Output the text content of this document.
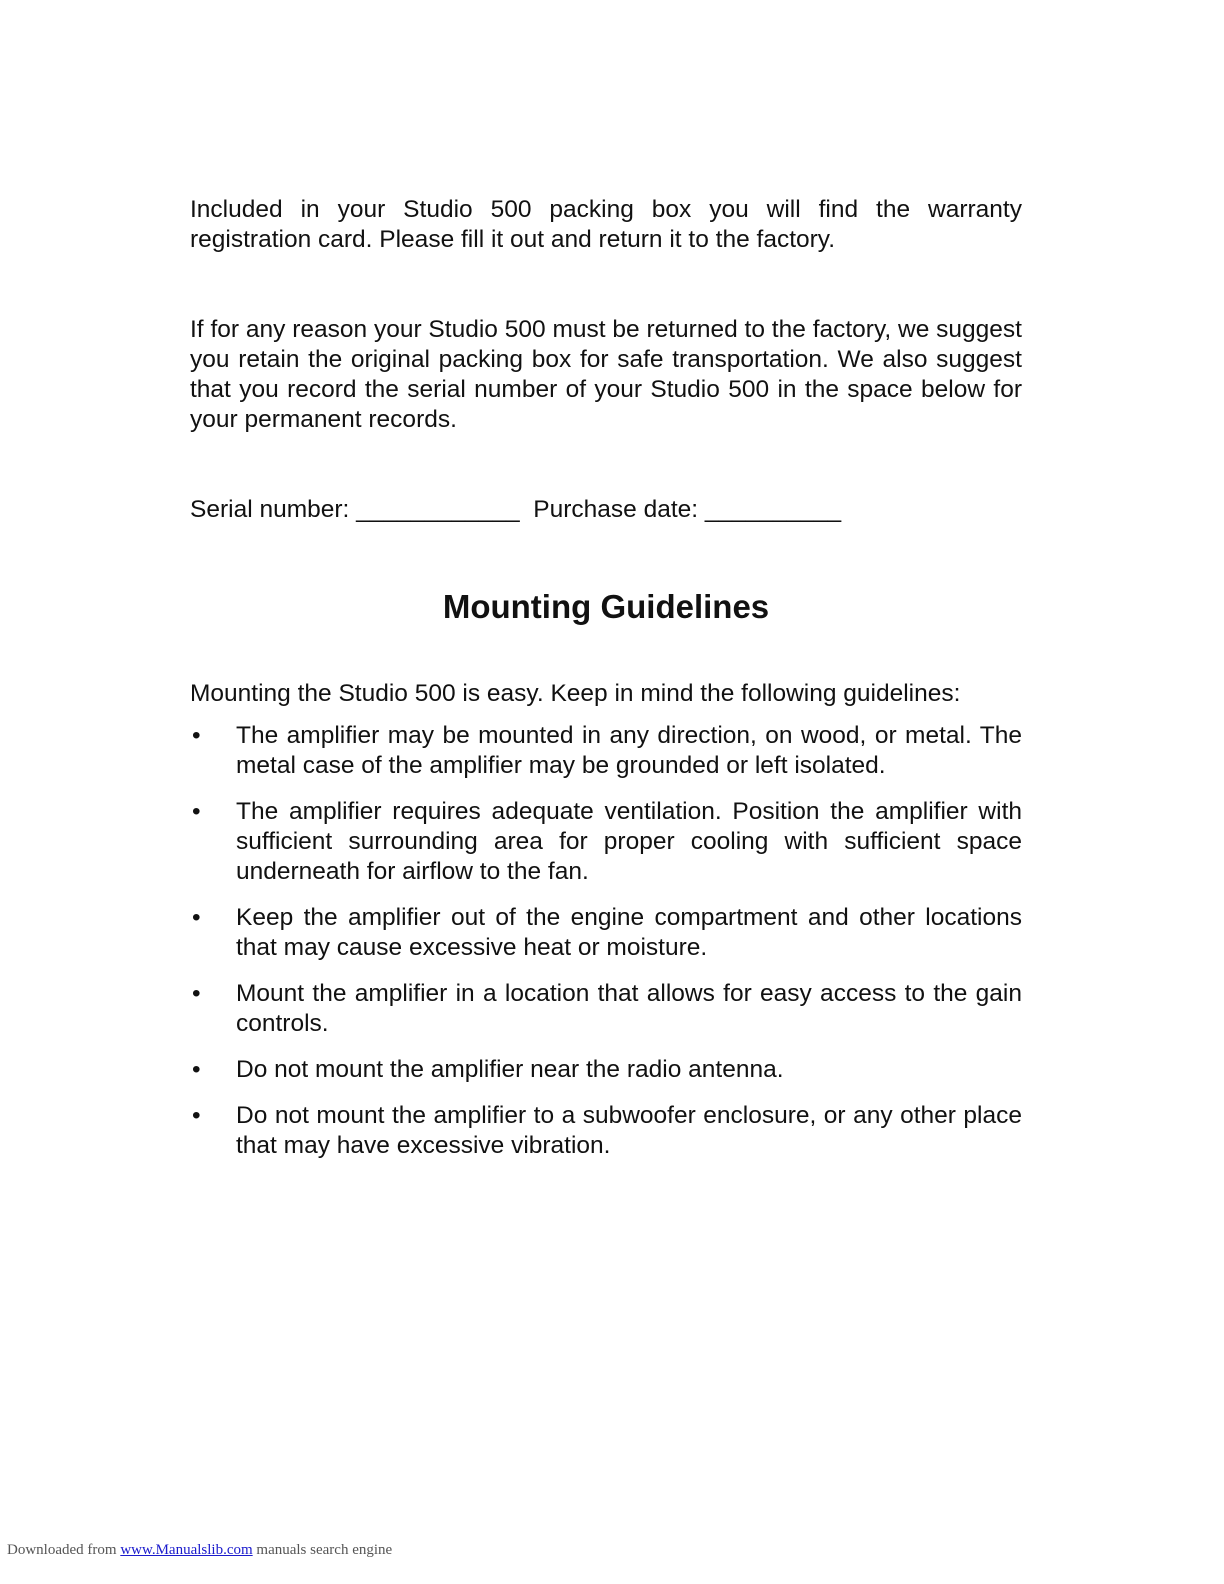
Included in your Studio 500 packing box you will find the warranty registration card. Please fill it out and return it to the factory.

If for any reason your Studio 500 must be returned to the factory, we suggest you retain the original packing box for safe transportation. We also suggest that you record the serial number of your Studio 500 in the space below for your permanent records.

Serial number: ____________ Purchase date: __________

Mounting Guidelines

Mounting the Studio 500 is easy. Keep in mind the following guidelines:

• The amplifier may be mounted in any direction, on wood, or metal. The metal case of the amplifier may be grounded or left isolated.
• The amplifier requires adequate ventilation. Position the amplifier with sufficient surrounding area for proper cooling with sufficient space underneath for airflow to the fan.
• Keep the amplifier out of the engine compartment and other locations that may cause excessive heat or moisture.
• Mount the amplifier in a location that allows for easy access to the gain controls.
• Do not mount the amplifier near the radio antenna.
• Do not mount the amplifier to a subwoofer enclosure, or any other place that may have excessive vibration.
Downloaded from www.Manualslib.com manuals search engine
